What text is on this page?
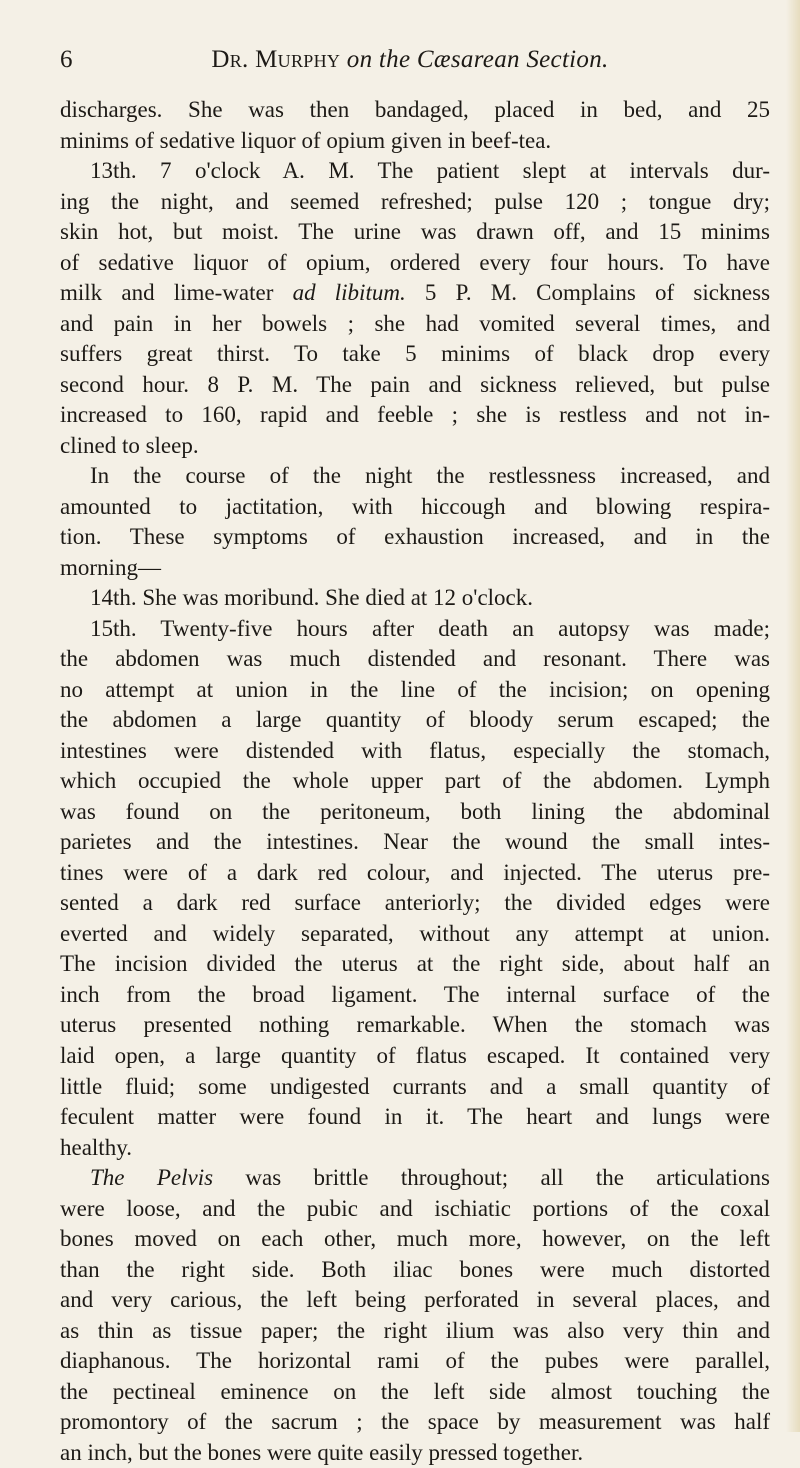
6	Dr. Murphy on the Cæsarean Section.
discharges. She was then bandaged, placed in bed, and 25
minims of sedative liquor of opium given in beef-tea.
13th. 7 o'clock A. M. The patient slept at intervals dur-
ing the night, and seemed refreshed; pulse 120 ; tongue dry;
skin hot, but moist. The urine was drawn off, and 15 minims
of sedative liquor of opium, ordered every four hours. To have
milk and lime-water ad libitum. 5 P. M. Complains of sickness
and pain in her bowels ; she had vomited several times, and
suffers great thirst. To take 5 minims of black drop every
second hour. 8 P. M. The pain and sickness relieved, but pulse
increased to 160, rapid and feeble ; she is restless and not in-
clined to sleep.
In the course of the night the restlessness increased, and
amounted to jactitation, with hiccough and blowing respira-
tion. These symptoms of exhaustion increased, and in the
morning—
14th. She was moribund. She died at 12 o'clock.
15th. Twenty-five hours after death an autopsy was made;
the abdomen was much distended and resonant. There was
no attempt at union in the line of the incision; on opening
the abdomen a large quantity of bloody serum escaped; the
intestines were distended with flatus, especially the stomach,
which occupied the whole upper part of the abdomen. Lymph
was found on the peritoneum, both lining the abdominal
parietes and the intestines. Near the wound the small intes-
tines were of a dark red colour, and injected. The uterus pre-
sented a dark red surface anteriorly; the divided edges were
everted and widely separated, without any attempt at union.
The incision divided the uterus at the right side, about half an
inch from the broad ligament. The internal surface of the
uterus presented nothing remarkable. When the stomach was
laid open, a large quantity of flatus escaped. It contained very
little fluid; some undigested currants and a small quantity of
feculent matter were found in it. The heart and lungs were
healthy.
The Pelvis was brittle throughout; all the articulations
were loose, and the pubic and ischiatic portions of the coxal
bones moved on each other, much more, however, on the left
than the right side. Both iliac bones were much distorted
and very carious, the left being perforated in several places, and
as thin as tissue paper; the right ilium was also very thin and
diaphanous. The horizontal rami of the pubes were parallel,
the pectineal eminence on the left side almost touching the
promontory of the sacrum ; the space by measurement was half
an inch, but the bones were quite easily pressed together.
